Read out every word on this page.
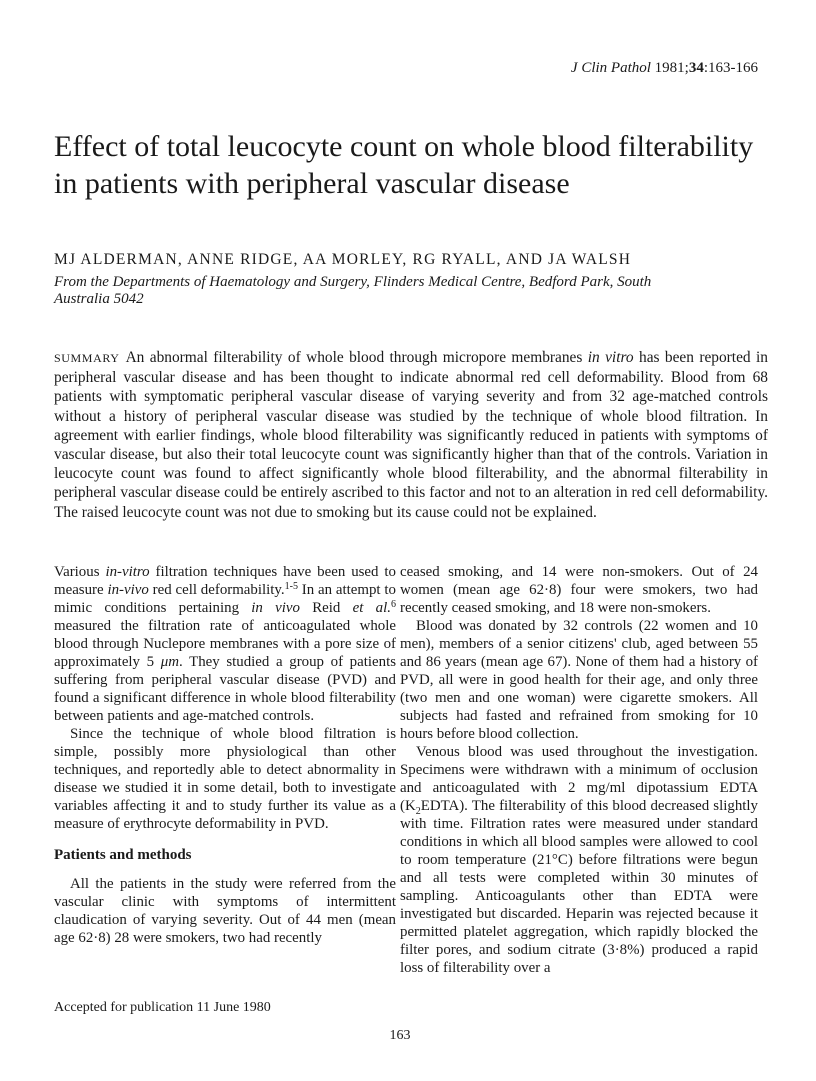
J Clin Pathol 1981;34:163-166
Effect of total leucocyte count on whole blood filterability in patients with peripheral vascular disease
MJ ALDERMAN, ANNE RIDGE, AA MORLEY, RG RYALL, AND JA WALSH
From the Departments of Haematology and Surgery, Flinders Medical Centre, Bedford Park, South Australia 5042

SUMMARY An abnormal filterability of whole blood through micropore membranes in vitro has been reported in peripheral vascular disease and has been thought to indicate abnormal red cell deformability. Blood from 68 patients with symptomatic peripheral vascular disease of varying severity and from 32 age-matched controls without a history of peripheral vascular disease was studied by the technique of whole blood filtration. In agreement with earlier findings, whole blood filterability was significantly reduced in patients with symptoms of vascular disease, but also their total leucocyte count was significantly higher than that of the controls. Variation in leucocyte count was found to affect significantly whole blood filterability, and the abnormal filterability in peripheral vascular disease could be entirely ascribed to this factor and not to an alteration in red cell deformability. The raised leucocyte count was not due to smoking but its cause could not be explained.

Various in-vitro filtration techniques have been used to measure in-vivo red cell deformability.$^{1-5}$ In an attempt to mimic conditions pertaining in vivo Reid et al.$^6$ measured the filtration rate of anticoagulated whole blood through Nuclepore membranes with a pore size of approximately 5 μm. They studied a group of patients suffering from peripheral vascular disease (PVD) and found a significant difference in whole blood filterability between patients and age-matched controls.

Since the technique of whole blood filtration is simple, possibly more physiological than other techniques, and reportedly able to detect abnormality in disease we studied it in some detail, both to investigate variables affecting it and to study further its value as a measure of erythrocyte deformability in PVD.

Patients and methods

All the patients in the study were referred from the vascular clinic with symptoms of intermittent claudication of varying severity. Out of 44 men (mean age 62·8) 28 were smokers, two had recently

ceased smoking, and 14 were non-smokers. Out of 24 women (mean age 62·8) four were smokers, two had recently ceased smoking, and 18 were non-smokers.

Blood was donated by 32 controls (22 women and 10 men), members of a senior citizens' club, aged between 55 and 86 years (mean age 67). None of them had a history of PVD, all were in good health for their age, and only three (two men and one woman) were cigarette smokers. All subjects had fasted and refrained from smoking for 10 hours before blood collection.

Venous blood was used throughout the investigation. Specimens were withdrawn with a minimum of occlusion and anticoagulated with 2 mg/ml dipotassium EDTA $(K_2EDTA)$. The filterability of this blood decreased slightly with time. Filtration rates were measured under standard conditions in which all blood samples were allowed to cool to room temperature (21°C) before filtrations were begun and all tests were completed within 30 minutes of sampling. Anticoagulants other than EDTA were investigated but discarded. Heparin was rejected because it permitted platelet aggregation, which rapidly blocked the filter pores, and sodium citrate (3·8%) produced a rapid loss of filterability over a

Accepted for publication 11 June 1980
163
